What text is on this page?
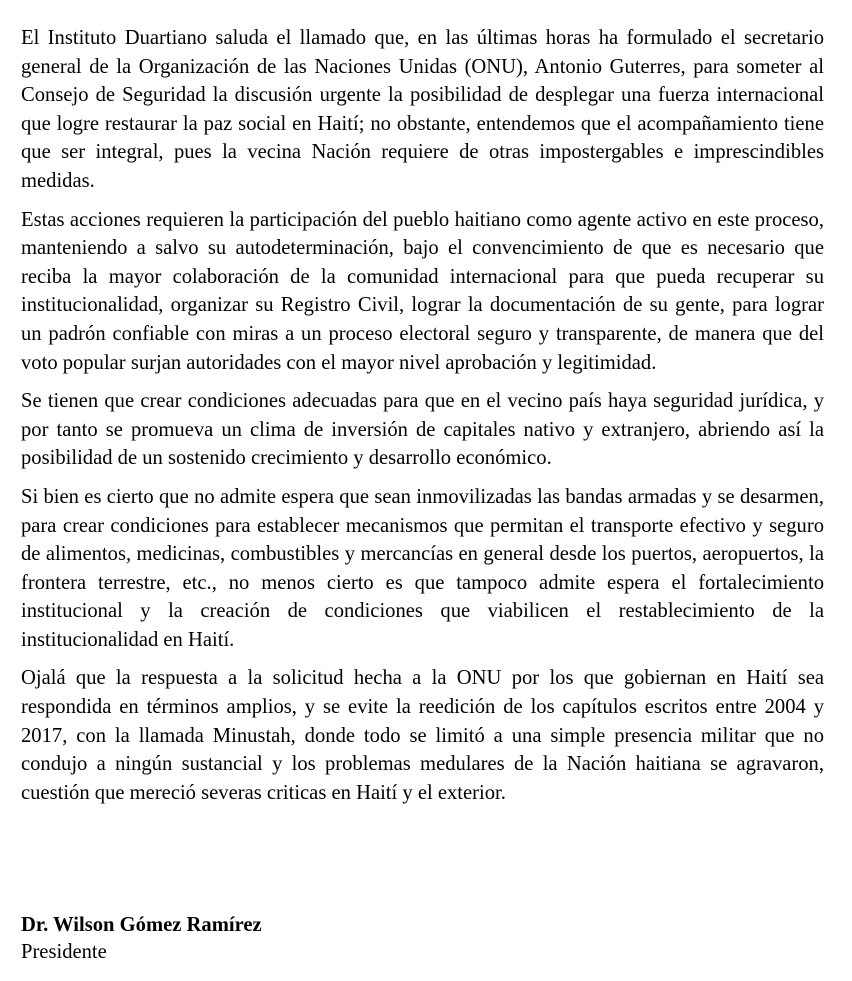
El Instituto Duartiano saluda el llamado que, en las últimas horas ha formulado el secretario general de la Organización de las Naciones Unidas (ONU), Antonio Guterres, para someter al Consejo de Seguridad la discusión urgente la posibilidad de desplegar una fuerza internacional que logre restaurar la paz social en Haití; no obstante, entendemos que el acompañamiento tiene que ser integral, pues la vecina Nación requiere de otras impostergables e imprescindibles medidas.

Estas acciones requieren la participación del pueblo haitiano como agente activo en este proceso, manteniendo a salvo su autodeterminación, bajo el convencimiento de que es necesario que reciba la mayor colaboración de la comunidad internacional para que pueda recuperar su institucionalidad, organizar su Registro Civil, lograr la documentación de su gente, para lograr un padrón confiable con miras a un proceso electoral seguro y transparente, de manera que del voto popular surjan autoridades con el mayor nivel aprobación y legitimidad.

Se tienen que crear condiciones adecuadas para que en el vecino país haya seguridad jurídica, y por tanto se promueva un clima de inversión de capitales nativo y extranjero, abriendo así la posibilidad de un sostenido crecimiento y desarrollo económico.

Si bien es cierto que no admite espera que sean inmovilizadas las bandas armadas y se desarmen, para crear condiciones para establecer mecanismos que permitan el transporte efectivo y seguro de alimentos, medicinas, combustibles y mercancías en general desde los puertos, aeropuertos, la frontera terrestre, etc., no menos cierto es que tampoco admite espera el fortalecimiento institucional y la creación de condiciones que viabilicen el restablecimiento de la institucionalidad en Haití.

Ojalá que la respuesta a la solicitud hecha a la ONU por los que gobiernan en Haití sea respondida en términos amplios, y se evite la reedición de los capítulos escritos entre 2004 y 2017, con la llamada Minustah, donde todo se limitó a una simple presencia militar que no condujo a ningún sustancial y los problemas medulares de la Nación haitiana se agravaron, cuestión que mereció severas criticas en Haití y el exterior.

Dr. Wilson Gómez Ramírez

Presidente
